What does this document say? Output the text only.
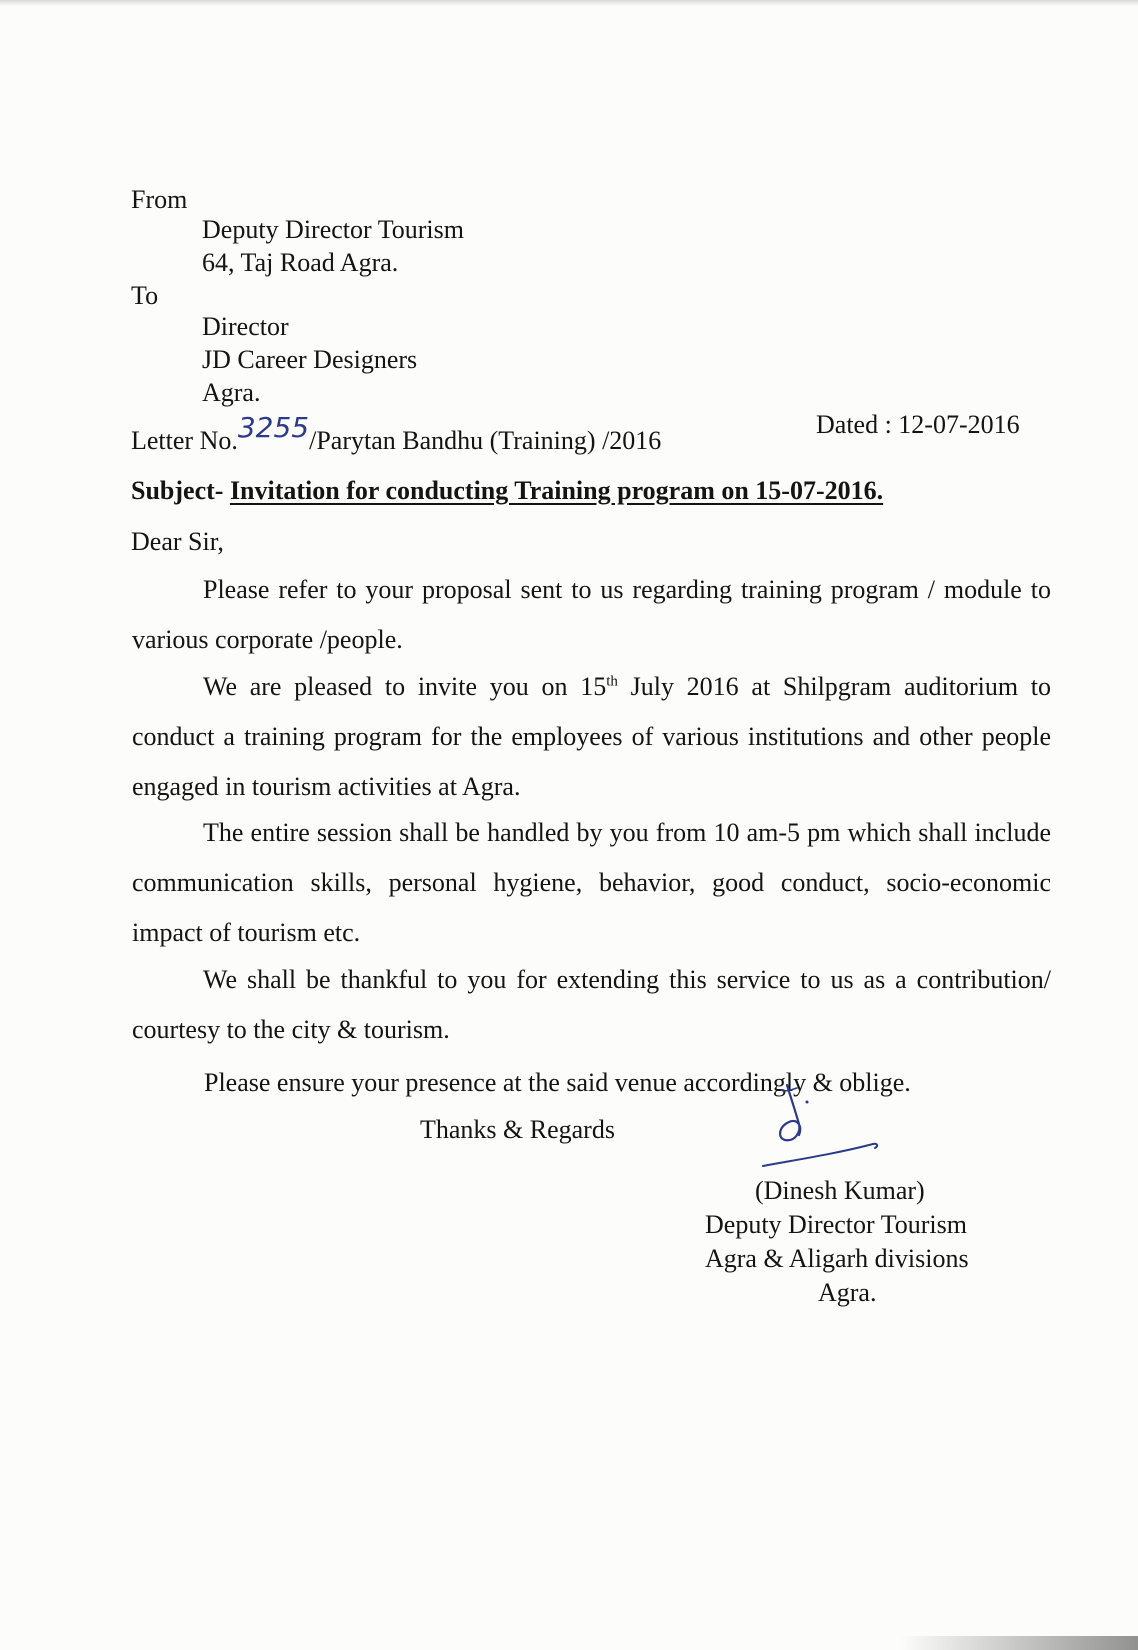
From
Deputy Director Tourism
64, Taj Road Agra.
To
Director
JD Career Designers
Agra.
Letter No.3255/Parytan Bandhu (Training) /2016
Dated : 12-07-2016
Subject- Invitation for conducting Training program on 15-07-2016.
Dear Sir,
Please refer to your proposal sent to us regarding training program / module to various corporate /people.
We are pleased to invite you on 15th July 2016 at Shilpgram auditorium to conduct a training program for the employees of various institutions and other people engaged in tourism activities at Agra.
The entire session shall be handled by you from 10 am-5 pm which shall include communication skills, personal hygiene, behavior, good conduct, socio-economic impact of tourism etc.
We shall be thankful to you for extending this service to us as a contribution/ courtesy to the city & tourism.
Please ensure your presence at the said venue accordingly & oblige.
Thanks & Regards
(Dinesh Kumar)
Deputy Director Tourism
Agra & Aligarh divisions
Agra.
